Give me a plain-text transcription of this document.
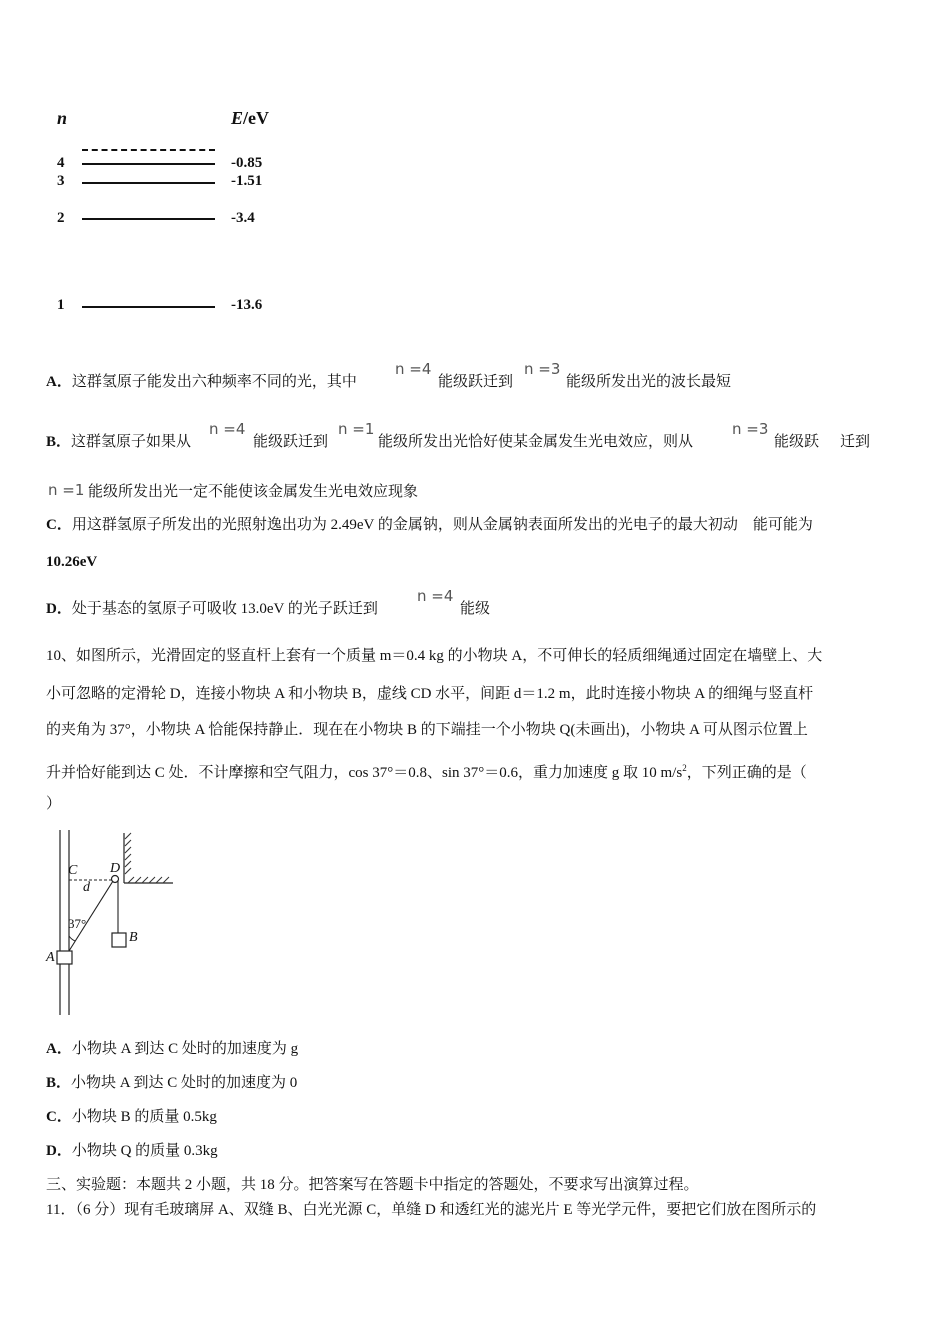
n	E/eV
4	-0.85
3	-1.51
2	-3.4
1	-13.6
A．这群氢原子能发出六种频率不同的光，其中
n =4
能级跃迁到
n =3
能级所发出光的波长最短
B．这群氢原子如果从
n =4
能级跃迁到
n =1
能级所发出光恰好使某金属发生光电效应，则从
n =3
能级跃 迁到
n =1 能级所发出光一定不能使该金属发生光电效应现象
C．用这群氢原子所发出的光照射逸出功为 2.49eV 的金属钠，则从金属钠表面所发出的光电子的最大初动　能可能为
10.26eV
D．处于基态的氢原子可吸收 13.0eV 的光子跃迁到
n =4
能级
10、如图所示，光滑固定的竖直杆上套有一个质量 m＝0.4 kg 的小物块 A，不可伸长的轻质细绳通过固定在墙壁上、大
小可忽略的定滑轮 D，连接小物块 A 和小物块 B，虚线 CD 水平，间距 d＝1.2 m，此时连接小物块 A 的细绳与竖直杆
的夹角为 37°，小物块 A 恰能保持静止．现在在小物块 B 的下端挂一个小物块 Q(未画出)，小物块 A 可从图示位置上
升并恰好能到达 C 处．不计摩擦和空气阻力，cos 37°＝0.8、sin 37°＝0.6，重力加速度 g 取 10 $m/s^2$，下列正确的是（
）
C D
d
37°
A
B
A．小物块 A 到达 C 处时的加速度为 g
B．小物块 A 到达 C 处时的加速度为 0
C．小物块 B 的质量 0.5kg
D．小物块 Q 的质量 0.3kg
三、实验题：本题共 2 小题，共 18 分。把答案写在答题卡中指定的答题处，不要求写出演算过程。
11．（6 分）现有毛玻璃屏 A、双缝 B、白光光源 C，单缝 D 和透红光的滤光片 E 等光学元件，要把它们放在图所示的
